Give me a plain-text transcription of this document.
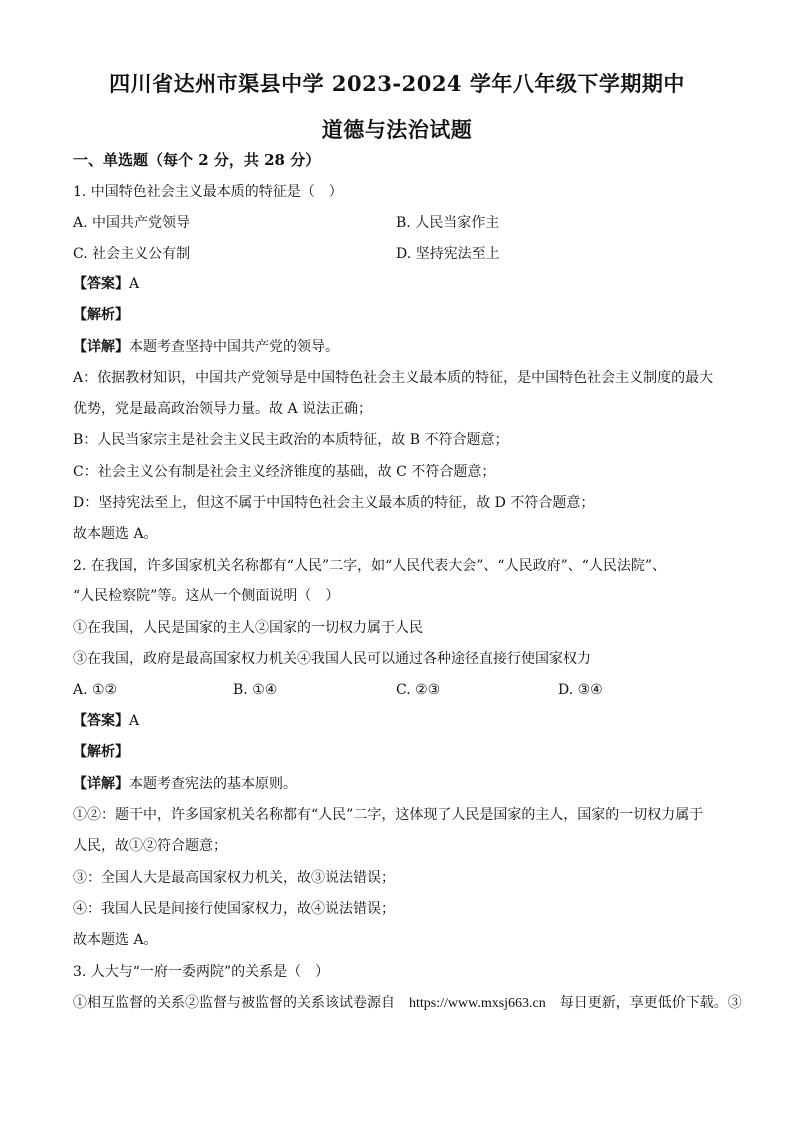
四川省达州市渠县中学 2023-2024 学年八年级下学期期中
道德与法治试题
一、单选题（每个 2 分，共 28 分）
1. 中国特色社会主义最本质的特征是（　）
A. 中国共产党领导	B. 人民当家作主
C. 社会主义公有制	D. 坚持宪法至上
【答案】A
【解析】
【详解】本题考查坚持中国共产党的领导。
A：依据教材知识，中国共产党领导是中国特色社会主义最本质的特征，是中国特色社会主义制度的最大
优势，党是最高政治领导力量。故 A 说法正确；
B：人民当家宗主是社会主义民主政治的本质特征，故 B 不符合题意；
C：社会主义公有制是社会主义经济锥度的基础，故 C 不符合题意；
D：坚持宪法至上，但这不属于中国特色社会主义最本质的特征，故 D 不符合题意；
故本题选 A。
2. 在我国，许多国家机关名称都有“人民”二字，如“人民代表大会”、“人民政府”、“人民法院”、
“人民检察院”等。这从一个侧面说明（　）
①在我国，人民是国家的主人②国家的一切权力属于人民
③在我国，政府是最高国家权力机关④我国人民可以通过各种途径直接行使国家权力
A. ①②	B. ①④	C. ②③	D. ③④
【答案】A
【解析】
【详解】本题考查宪法的基本原则。
①②：题干中，许多国家机关名称都有“人民”二字，这体现了人民是国家的主人，国家的一切权力属于
人民，故①②符合题意；
③：全国人大是最高国家权力机关，故③说法错误；
④：我国人民是间接行使国家权力，故④说法错误；
故本题选 A。
3. 人大与“一府一委两院”的关系是（　）
①相互监督的关系②监督与被监督的关系该试卷源自 https://www.mxsj663.cn 每日更新，享更低价下载。③
